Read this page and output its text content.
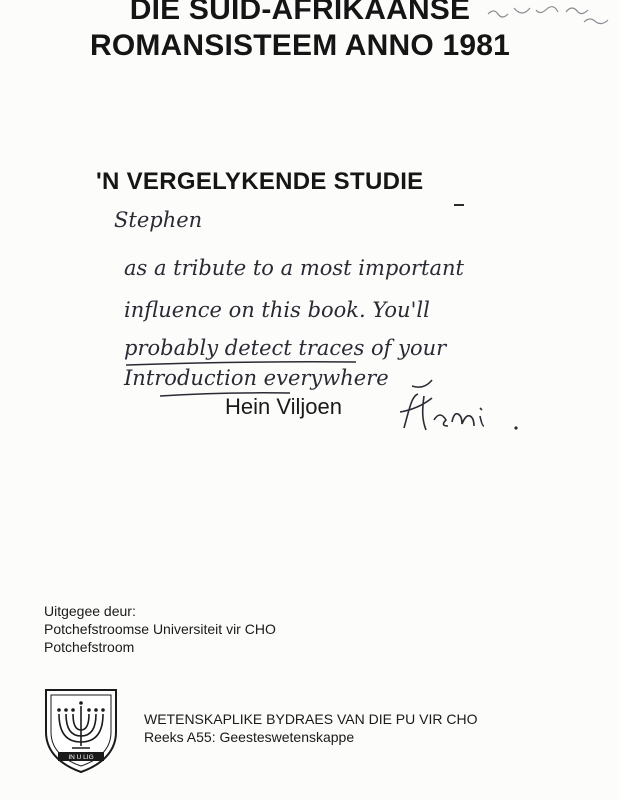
DIE SUID-AFRIKAANSE
ROMANSISTEEM ANNO 1981
'N VERGELYKENDE STUDIE
Stephen
as a tribute to a most important
influence on this book. You'll
probably detect traces of your
Introduction everywhere
Hein Viljoen
Uitgegee deur:
Potchefstroomse Universiteit vir CHO
Potchefstroom
IN U LIG
WETENSKAPLIKE BYDRAES VAN DIE PU VIR CHO
Reeks A55: Geesteswetenskappe
